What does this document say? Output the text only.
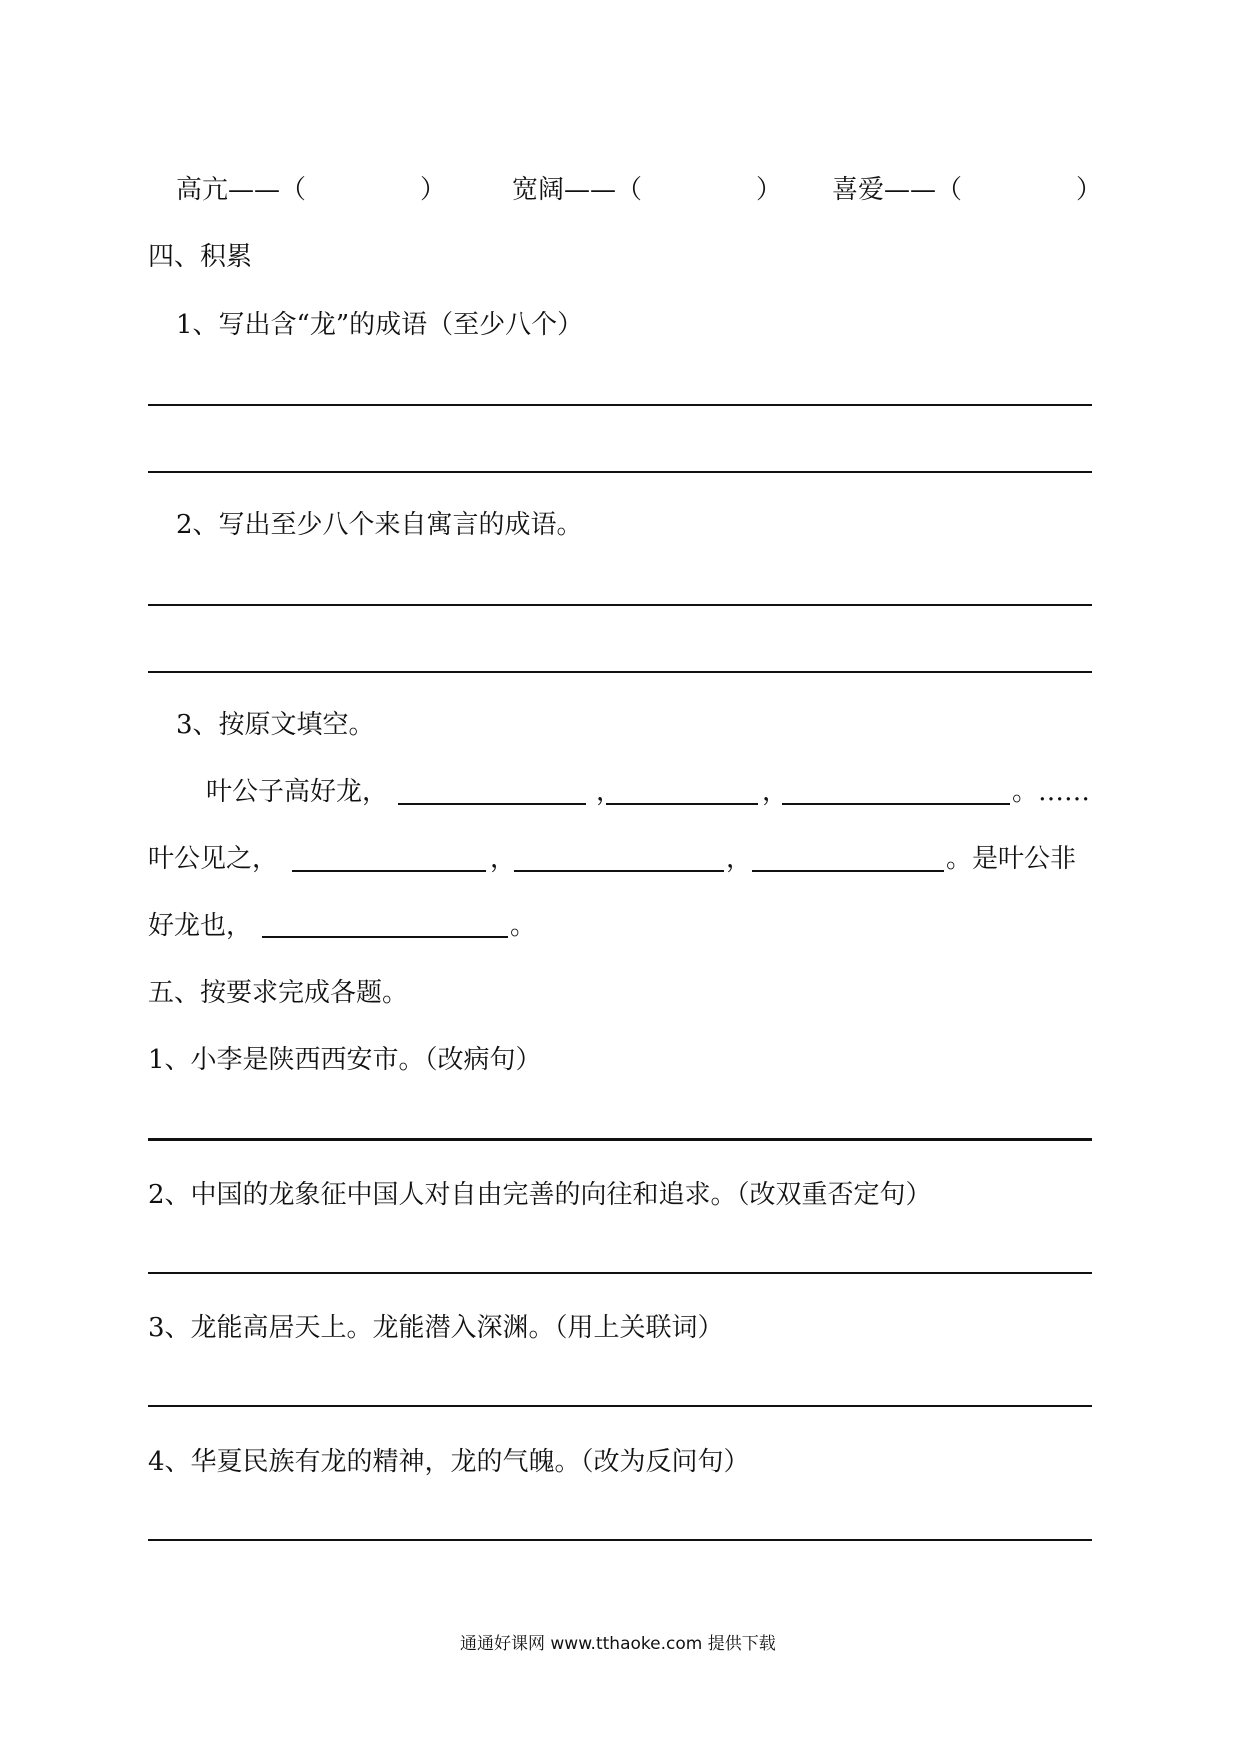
高亢——（	）	宽阔——（	） 喜爱——（	）
四、积累
1、写出含“龙”的成语（至少八个）
2、写出至少八个来自寓言的成语。
3、按原文填空。
叶公子高好龙，	，	，	。……
叶公见之，	，	，	。是叶公非
好龙也，	。
五、按要求完成各题。
1、小李是陕西西安市。（改病句）
2、中国的龙象征中国人对自由完善的向往和追求。（改双重否定句）
3、龙能高居天上。龙能潜入深渊。（用上关联词）
4、华夏民族有龙的精神，龙的气魄。（改为反问句）
通通好课网 www.tthaoke.com 提供下载
